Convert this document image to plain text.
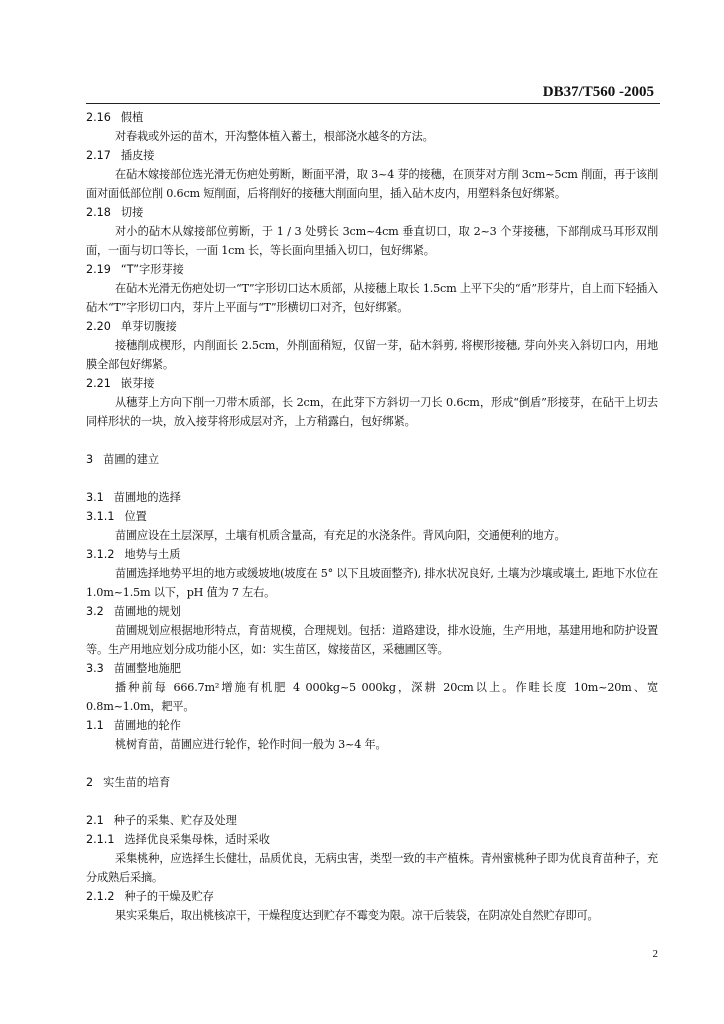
DB37/T560 -2005
2.16 假植

对春栽或外运的苗木，开沟整体植入蓄土，根部浇水越冬的方法。

2.17 插皮接

在砧木嫁接部位选光滑无伤疤处剪断，断面平滑，取 3~4 芽的接穗，在顶芽对方削 3cm~5cm 削面，再于该削面对面低部位削 0.6cm 短削面，后将削好的接穗大削面向里，插入砧木皮内，用塑料条包好绑紧。

2.18 切接

对小的砧木从嫁接部位剪断，于 1 / 3 处劈长 3cm~4cm 垂直切口，取 2~3 个芽接穗，下部削成马耳形双削面，一面与切口等长，一面 1cm 长，等长面向里插入切口，包好绑紧。

2.19 “T”字形芽接

在砧木光滑无伤疤处切一“T”字形切口达木质部，从接穗上取长 1.5cm 上平下尖的“盾”形芽片，自上而下轻插入砧木“T”字形切口内，芽片上平面与“T”形横切口对齐，包好绑紧。

2.20 单芽切腹接

接穗削成楔形，内削面长 2.5cm，外削面稍短，仅留一芽，砧木斜剪, 将楔形接穗, 芽向外夹入斜切口内，用地膜全部包好绑紧。

2.21 嵌芽接

从穗芽上方向下削一刀带木质部，长 2cm，在此芽下方斜切一刀长 0.6cm，形成“倒盾”形接芽，在砧干上切去同样形状的一块，放入接芽将形成层对齐，上方稍露白，包好绑紧。

3 苗圃的建立
3.1 苗圃地的选择
3.1.1 位置

苗圃应设在土层深厚，土壤有机质含量高，有充足的水浇条件。背风向阳，交通便利的地方。

3.1.2 地势与土质

苗圃选择地势平坦的地方或缓坡地(坡度在 5° 以下且坡面整齐), 排水状况良好, 土壤为沙壤或壤土, 距地下水位在 1.0m~1.5m 以下，pH 值为 7 左右。

3.2 苗圃地的规划

苗圃规划应根据地形特点，育苗规模，合理规划。包括：道路建设，排水设施，生产用地，基建用地和防护设置等。生产用地应划分成功能小区，如：实生苗区，嫁接苗区，采穗圃区等。

3.3 苗圃整地施肥

播种前每 666.7m²增施有机肥 4 000kg~5 000kg，深耕 20cm以上。作畦长度 10m~20m、宽 0.8m~1.0m，耙平。

1.1 苗圃地的轮作

桃树育苗，苗圃应进行轮作，轮作时间一般为 3~4 年。

2 实生苗的培育
2.1 种子的采集、贮存及处理
2.1.1 选择优良采集母株，适时采收

采集桃种，应选择生长健壮，品质优良，无病虫害，类型一致的丰产植株。青州蜜桃种子即为优良育苗种子，充分成熟后采摘。

2.1.2 种子的干燥及贮存

果实采集后，取出桃核凉干，干燥程度达到贮存不霉变为限。凉干后装袋，在阴凉处自然贮存即可。

2
